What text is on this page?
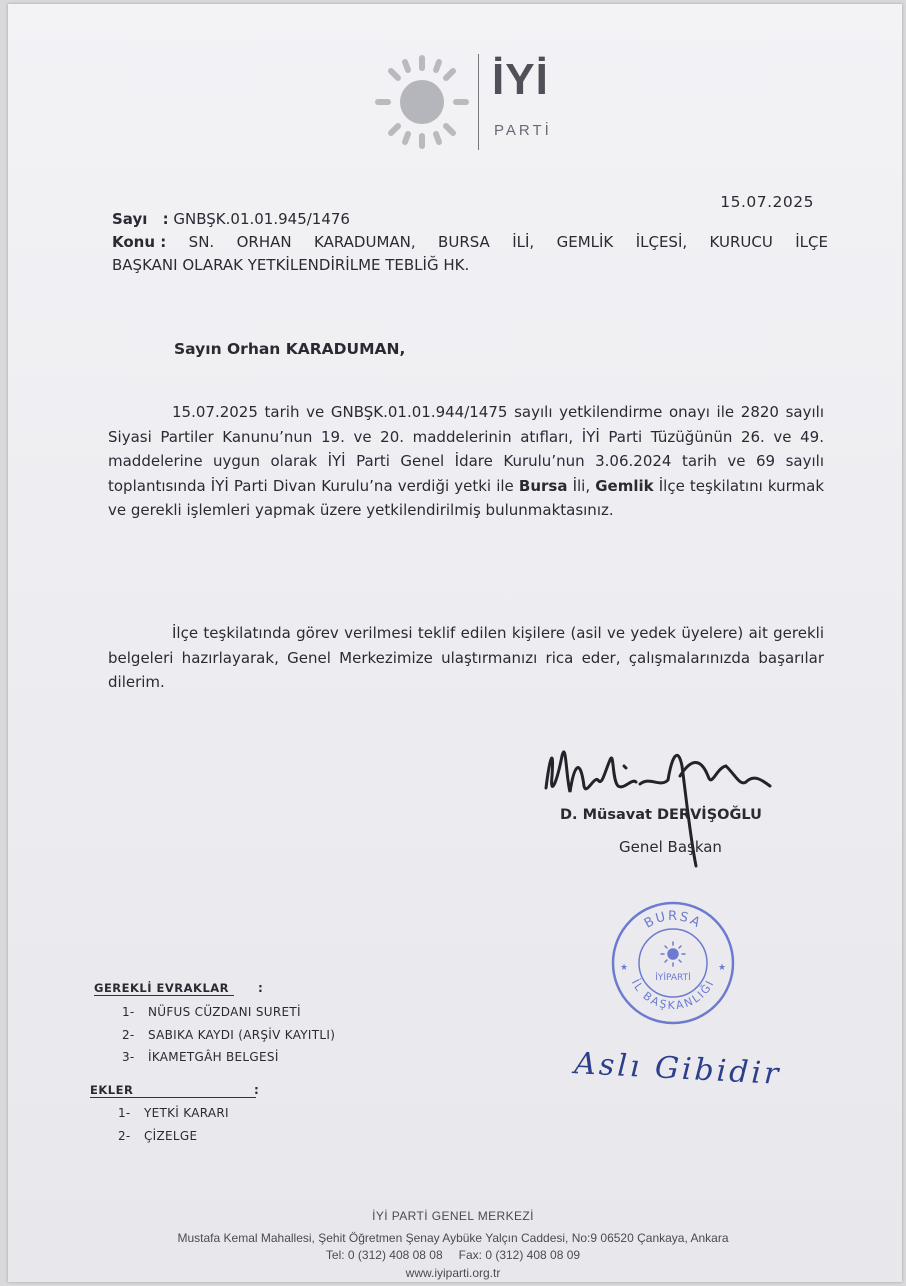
İYİ
PARTİ
15.07.2025
Sayı   : GNBŞK.01.01.945/1476
Konu : SN. ORHAN KARADUMAN, BURSA İLİ, GEMLİK İLÇESİ, KURUCU İLÇE
BAŞKANI OLARAK YETKİLENDİRİLME TEBLİĞ HK.
Sayın Orhan KARADUMAN,
15.07.2025 tarih ve GNBŞK.01.01.944/1475 sayılı yetkilendirme onayı ile 2820 sayılı Siyasi Partiler Kanunu’nun 19. ve 20. maddelerinin atıfları, İYİ Parti Tüzüğünün 26. ve 49. maddelerine uygun olarak İYİ Parti Genel İdare Kurulu’nun 3.06.2024 tarih ve 69 sayılı toplantısında İYİ Parti Divan Kurulu’na verdiği yetki ile Bursa İli, Gemlik İlçe teşkilatını kurmak ve gerekli işlemleri yapmak üzere yetkilendirilmiş bulunmaktasınız.
İlçe teşkilatında görev verilmesi teklif edilen kişilere (asil ve yedek üyelere) ait gerekli belgeleri hazırlayarak, Genel Merkezimize ulaştırmanızı rica eder, çalışmalarınızda başarılar dilerim.
D. Müsavat DERVİŞOĞLU
Genel Başkan
BURSA
İL BAŞKANLIĞI
İYİPARTİ
★	★
Aslı Gibidir
GEREKLİ EVRAKLAR :
1- NÜFUS CÜZDANI SURETİ
2- SABIKA KAYDI (ARŞİV KAYITLI)
3- İKAMETGÂH BELGESİ
EKLER	:
1- YETKİ KARARI
2- ÇİZELGE
İYİ PARTİ GENEL MERKEZİ
Mustafa Kemal Mahallesi, Şehit Öğretmen Şenay Aybüke Yalçın Caddesi, No:9 06520 Çankaya, Ankara
Tel: 0 (312) 408 08 08 Fax: 0 (312) 408 08 09
www.iyiparti.org.tr
